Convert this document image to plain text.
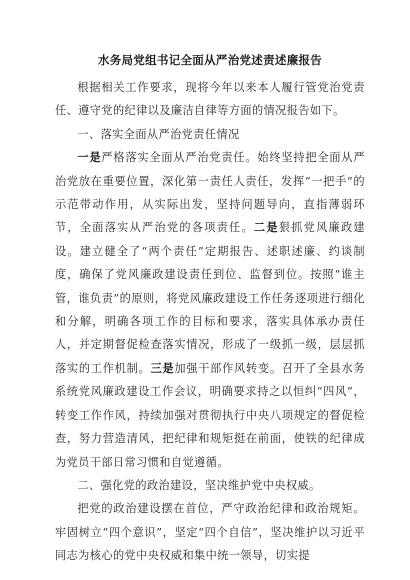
水务局党组书记全面从严治党述责述廉报告

根据相关工作要求，现将今年以来本人履行管党治党责任、遵守党的纪律以及廉洁自律等方面的情况报告如下。

一、落实全面从严治党责任情况

一是严格落实全面从严治党责任。始终坚持把全面从严治党放在重要位置，深化第一责任人责任，发挥“一把手”的示范带动作用，从实际出发，坚持问题导向，直指薄弱环节，全面落实从严治党的各项责任。二是狠抓党风廉政建设。建立健全了“两个责任”定期报告、述职述廉、约谈制度，确保了党风廉政建设责任到位、监督到位。按照“谁主管，谁负责”的原则，将党风廉政建设工作任务逐项进行细化和分解，明确各项工作的目标和要求，落实具体承办责任人，并定期督促检查落实情况，形成了一级抓一级，层层抓落实的工作机制。三是加强干部作风转变。召开了全县水务系统党风廉政建设工作会议，明确要求持之以恒纠“四风”，转变工作作风，持续加强对贯彻执行中央八项规定的督促检查，努力营造清风，把纪律和规矩挺在前面，使铁的纪律成为党员干部日常习惯和自觉遵循。

二、强化党的政治建设，坚决维护党中央权威。

把党的政治建设摆在首位，严守政治纪律和政治规矩。牢固树立“四个意识”，坚定“四个自信”，坚决维护以习近平同志为核心的党中央权威和集中统一领导，切实提
